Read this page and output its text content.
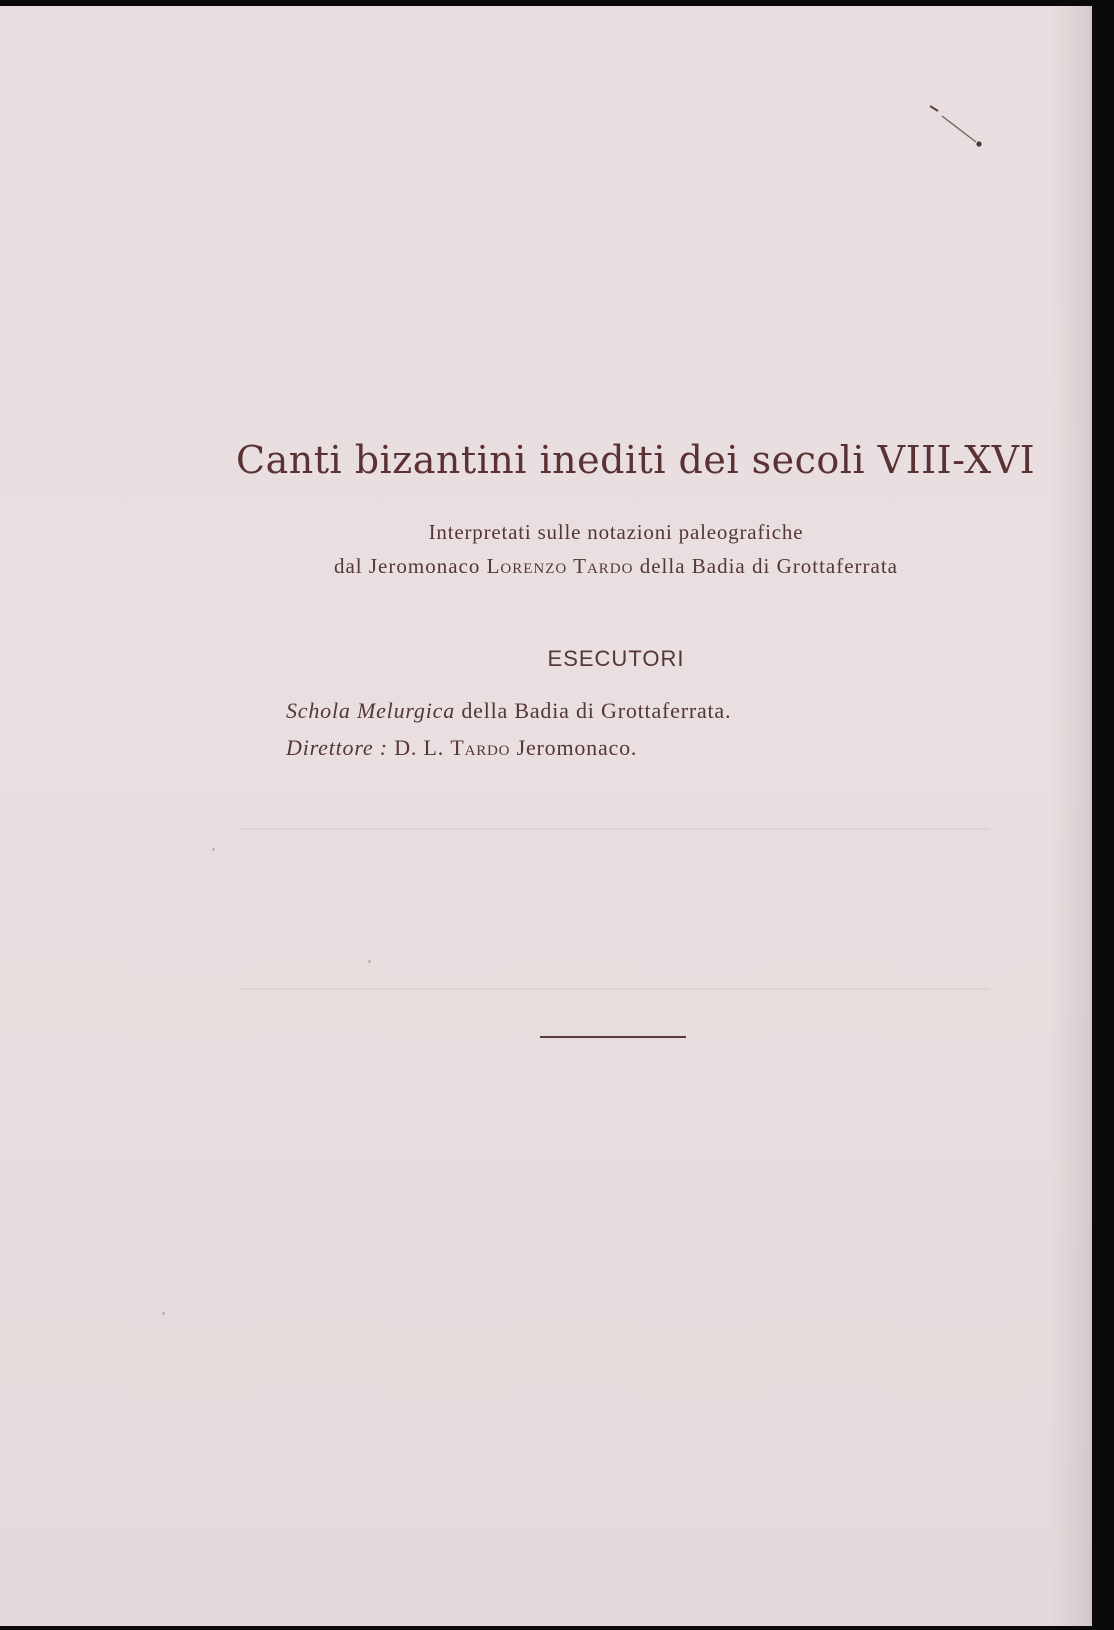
Canti bizantini inediti dei secoli VIII-XVI
Interpretati sulle notazioni paleografiche
dal Jeromonaco Lorenzo Tardo della Badia di Grottaferrata
ESECUTORI
Schola Melurgica della Badia di Grottaferrata.
Direttore : D. L. Tardo Jeromonaco.
